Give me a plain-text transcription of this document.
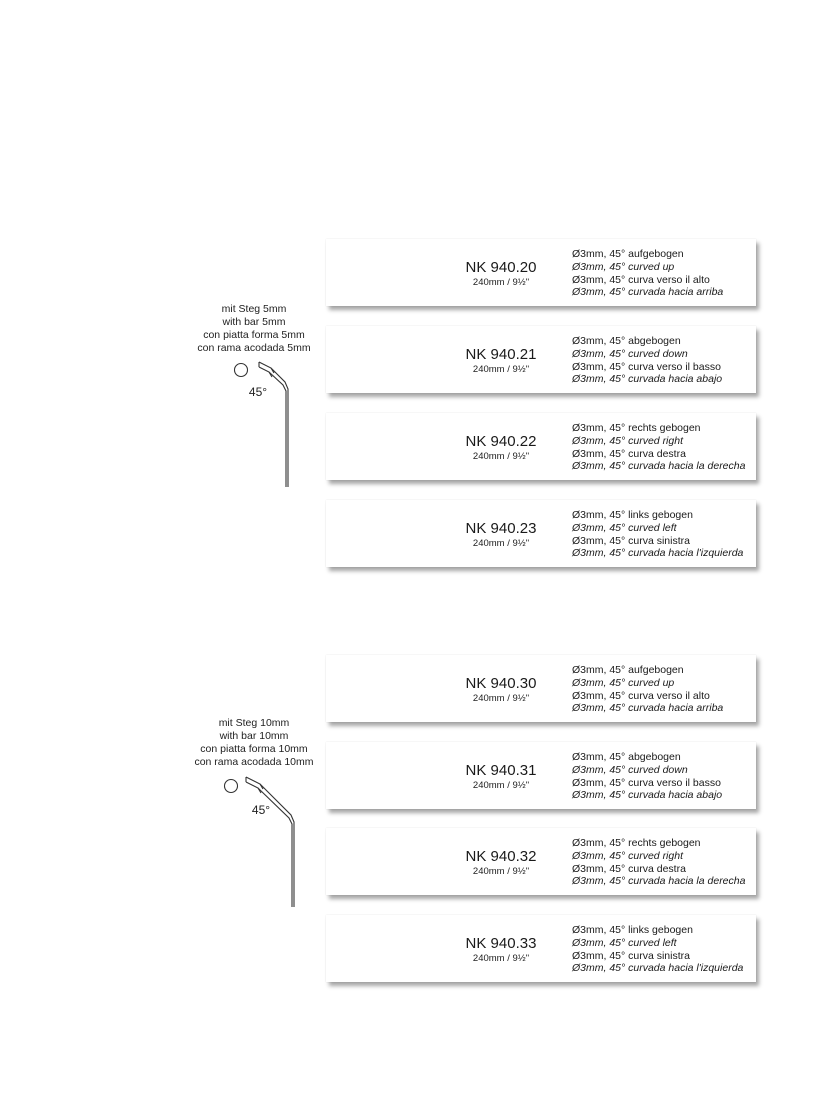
mit Steg 5mm
with bar 5mm
con piatta forma 5mm
con rama acodada 5mm
45°
NK 940.20
240mm / 9½"
Ø3mm, 45° aufgebogen
Ø3mm, 45° curved up
Ø3mm, 45° curva verso il alto
Ø3mm, 45° curvada hacia arriba
NK 940.21
240mm / 9½"
Ø3mm, 45° abgebogen
Ø3mm, 45° curved down
Ø3mm, 45° curva verso il basso
Ø3mm, 45° curvada hacia abajo
NK 940.22
240mm / 9½"
Ø3mm, 45° rechts gebogen
Ø3mm, 45° curved right
Ø3mm, 45° curva destra
Ø3mm, 45° curvada hacia la derecha
NK 940.23
240mm / 9½"
Ø3mm, 45° links gebogen
Ø3mm, 45° curved left
Ø3mm, 45° curva sinistra
Ø3mm, 45° curvada hacia l'izquierda
mit Steg 10mm
with bar 10mm
con piatta forma 10mm
con rama acodada 10mm
45°
NK 940.30
240mm / 9½"
Ø3mm, 45° aufgebogen
Ø3mm, 45° curved up
Ø3mm, 45° curva verso il alto
Ø3mm, 45° curvada hacia arriba
NK 940.31
240mm / 9½"
Ø3mm, 45° abgebogen
Ø3mm, 45° curved down
Ø3mm, 45° curva verso il basso
Ø3mm, 45° curvada hacia abajo
NK 940.32
240mm / 9½"
Ø3mm, 45° rechts gebogen
Ø3mm, 45° curved right
Ø3mm, 45° curva destra
Ø3mm, 45° curvada hacia la derecha
NK 940.33
240mm / 9½"
Ø3mm, 45° links gebogen
Ø3mm, 45° curved left
Ø3mm, 45° curva sinistra
Ø3mm, 45° curvada hacia l'izquierda
